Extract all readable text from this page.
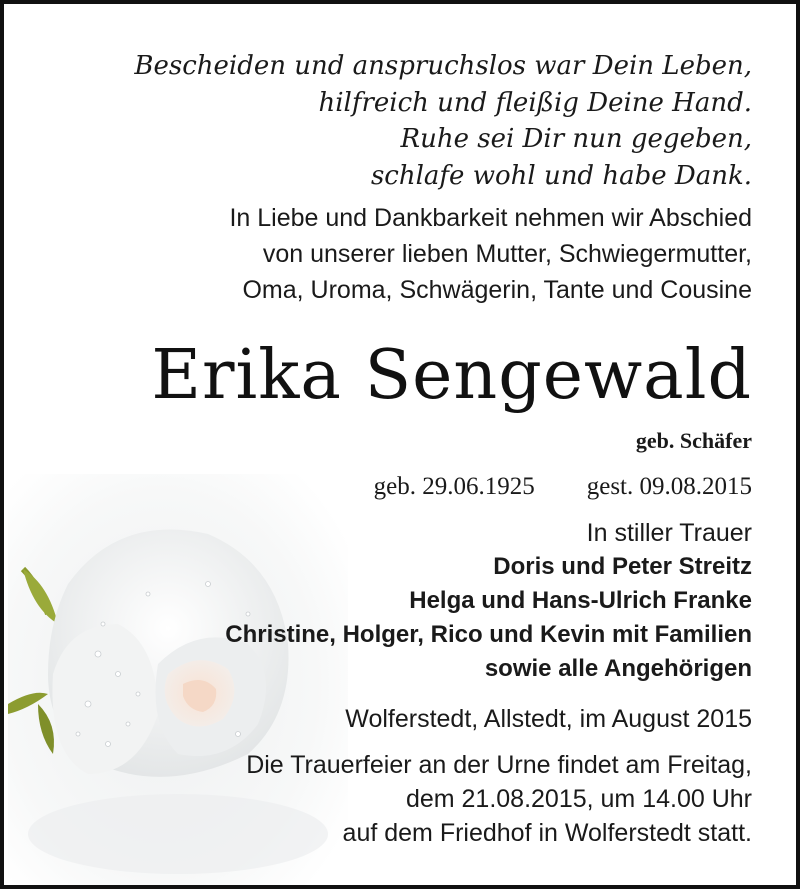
Bescheiden und anspruchslos war Dein Leben,
hilfreich und fleißig Deine Hand.
Ruhe sei Dir nun gegeben,
schlafe wohl und habe Dank.
In Liebe und Dankbarkeit nehmen wir Abschied
von unserer lieben Mutter, Schwiegermutter,
Oma, Uroma, Schwägerin, Tante und Cousine
Erika Sengewald
geb. Schäfer
geb. 29.06.1925 gest. 09.08.2015
In stiller Trauer
Doris und Peter Streitz
Helga und Hans-Ulrich Franke
Christine, Holger, Rico und Kevin mit Familien
sowie alle Angehörigen
Wolferstedt, Allstedt, im August 2015
Die Trauerfeier an der Urne findet am Freitag,
dem 21.08.2015, um 14.00 Uhr
auf dem Friedhof in Wolferstedt statt.
